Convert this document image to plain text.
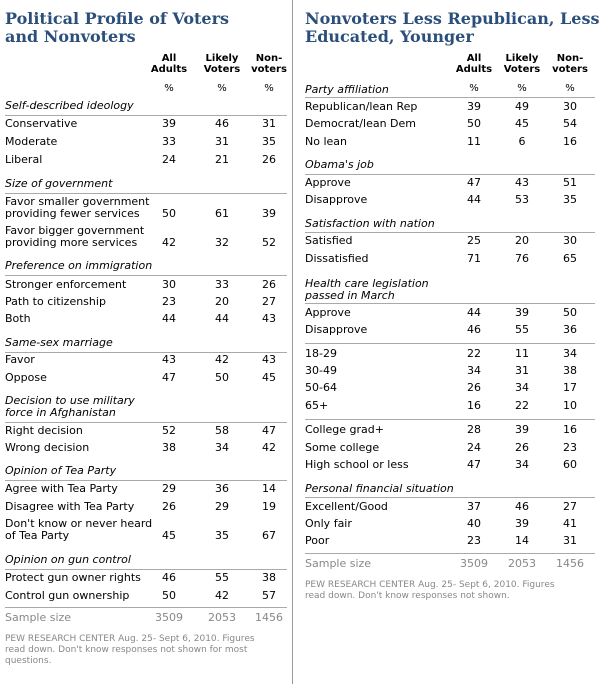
Political Profile of Voters
and Nonvoters
All
Adults
Likely
Voters
Non-
voters
%	%	%
Self-described ideology
Conservative	39	46	31
Moderate	33	31	35
Liberal	24	21	26
Size of government
Favor smaller government
providing fewer services	50	61	39
Favor bigger government
providing more services	42	32	52
Preference on immigration
Stronger enforcement	30	33	26
Path to citizenship	23	20	27
Both	44	44	43
Same-sex marriage
Favor	43	42	43
Oppose	47	50	45
Decision to use military
force in Afghanistan
Right decision	52	58	47
Wrong decision	38	34	42
Opinion of Tea Party
Agree with Tea Party	29	36	14
Disagree with Tea Party	26	29	19
Don't know or never heard
of Tea Party	45	35	67
Opinion on gun control
Protect gun owner rights	46	55	38
Control gun ownership	50	42	57
Sample size	3509	2053	1456
PEW RESEARCH CENTER Aug. 25- Sept 6, 2010. Figures
read down. Don't know responses not shown for most
questions.
Nonvoters Less Republican, Less
Educated, Younger
All
Adults
Likely
Voters
Non-
voters
%	%	%
Party affiliation
Republican/lean Rep	39	49	30
Democrat/lean Dem	50	45	54
No lean	11	6	16
Obama's job
Approve	47	43	51
Disapprove	44	53	35
Satisfaction with nation
Satisfied	25	20	30
Dissatisfied	71	76	65
Health care legislation
passed in March
Approve	44	39	50
Disapprove	46	55	36
18-29	22	11	34
30-49	34	31	38
50-64	26	34	17
65+	16	22	10
College grad+	28	39	16
Some college	24	26	23
High school or less	47	34	60
Personal financial situation
Excellent/Good	37	46	27
Only fair	40	39	41
Poor	23	14	31
Sample size	3509	2053	1456
PEW RESEARCH CENTER Aug. 25- Sept 6, 2010. Figures
read down. Don't know responses not shown.
